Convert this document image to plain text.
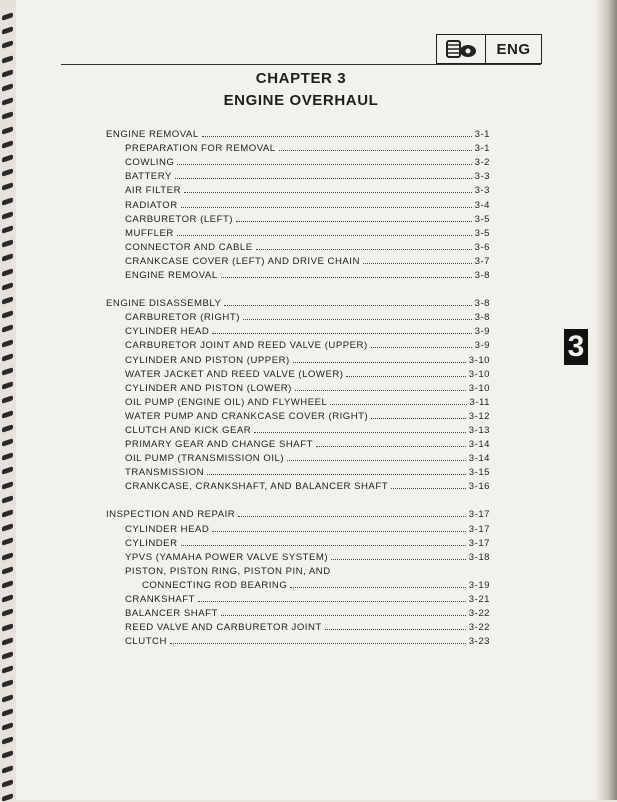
ENG
CHAPTER 3
ENGINE OVERHAUL
ENGINE REMOVAL	3-1
PREPARATION FOR REMOVAL	3-1
COWLING	3-2
BATTERY	3-3
AIR FILTER	3-3
RADIATOR	3-4
CARBURETOR (LEFT)	3-5
MUFFLER	3-5
CONNECTOR AND CABLE	3-6
CRANKCASE COVER (LEFT) AND DRIVE CHAIN	3-7
ENGINE REMOVAL	3-8
ENGINE DISASSEMBLY	3-8
CARBURETOR (RIGHT)	3-8
CYLINDER HEAD	3-9
CARBURETOR JOINT AND REED VALVE (UPPER)	3-9
CYLINDER AND PISTON (UPPER)	3-10
WATER JACKET AND REED VALVE (LOWER)	3-10
CYLINDER AND PISTON (LOWER)	3-10
OIL PUMP (ENGINE OIL) AND FLYWHEEL	3-11
WATER PUMP AND CRANKCASE COVER (RIGHT)	3-12
CLUTCH AND KICK GEAR	3-13
PRIMARY GEAR AND CHANGE SHAFT	3-14
OIL PUMP (TRANSMISSION OIL)	3-14
TRANSMISSION	3-15
CRANKCASE, CRANKSHAFT, AND BALANCER SHAFT	3-16
INSPECTION AND REPAIR	3-17
CYLINDER HEAD	3-17
CYLINDER	3-17
YPVS (YAMAHA POWER VALVE SYSTEM)	3-18
PISTON, PISTON RING, PISTON PIN, AND
CONNECTING ROD BEARING	3-19
CRANKSHAFT	3-21
BALANCER SHAFT	3-22
REED VALVE AND CARBURETOR JOINT	3-22
CLUTCH	3-23
3
